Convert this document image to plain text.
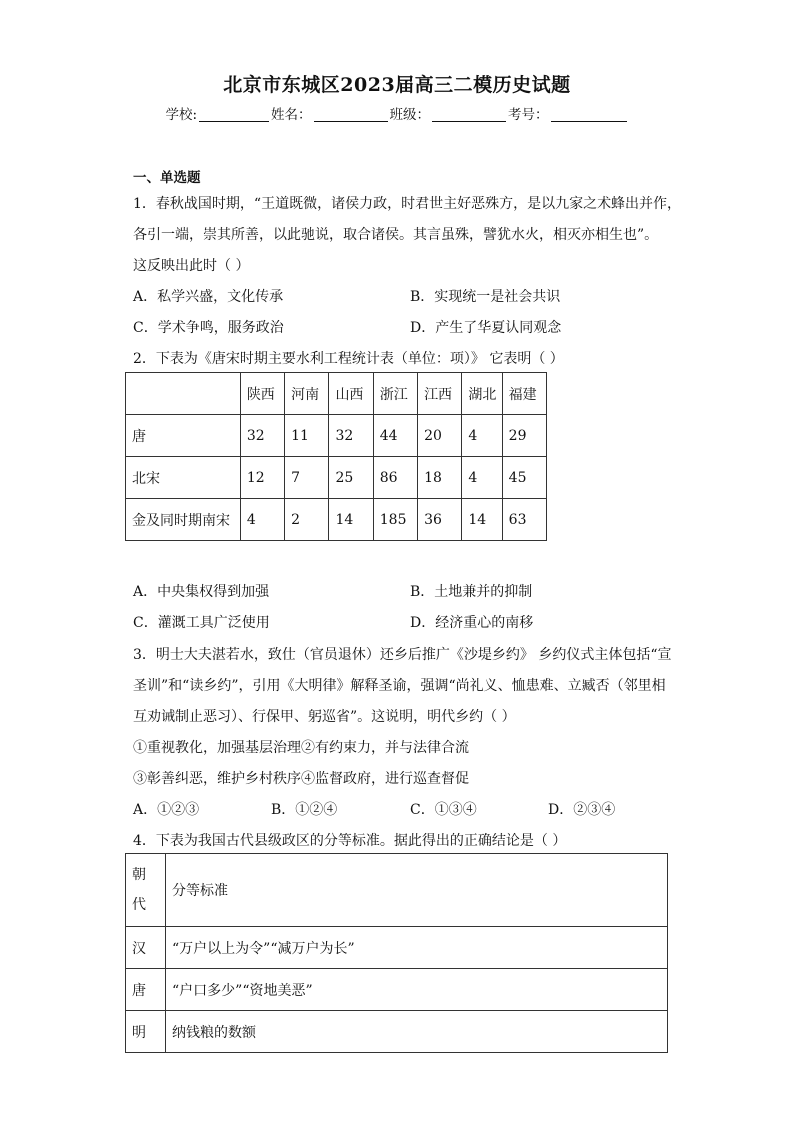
北京市东城区2023届高三二模历史试题
学校:	姓名：	班级：	考号：
一、单选题
1．春秋战国时期，“王道既微，诸侯力政，时君世主好恶殊方，是以九家之术蜂出并作，
各引一端，崇其所善，以此驰说，取合诸侯。其言虽殊，譬犹水火，相灭亦相生也”。
这反映出此时（ ）
A．私学兴盛，文化传承	B．实现统一是社会共识
C．学术争鸣，服务政治	D．产生了华夏认同观念
2．下表为《唐宋时期主要水利工程统计表（单位：项）》 它表明（ ）
	陕西	河南	山西	浙江	江西	湖北	福建
唐	32	11	32	44	20	4	29
北宋	12	7	25	86	18	4	45
金及同时期南宋	4	2	14	185	36	14	63
A．中央集权得到加强	B．土地兼并的抑制
C．灌溉工具广泛使用	D．经济重心的南移
3．明士大夫湛若水，致仕（官员退休）还乡后推广《沙堤乡约》 乡约仪式主体包括“宣
圣训”和“读乡约”，引用《大明律》解释圣谕，强调“尚礼义、恤患难、立臧否（邻里相
互劝诫制止恶习）、行保甲、躬巡省”。这说明，明代乡约（ ）
①重视教化，加强基层治理②有约束力，并与法律合流
③彰善纠恶，维护乡村秩序④监督政府，进行巡查督促
A．①②③	B．①②④	C．①③④	D．②③④
4．下表为我国古代县级政区的分等标准。据此得出的正确结论是（ ）
朝代	分等标准
汉	“万户以上为令”“减万户为长”
唐	“户口多少”“资地美恶”
明	纳钱粮的数额
